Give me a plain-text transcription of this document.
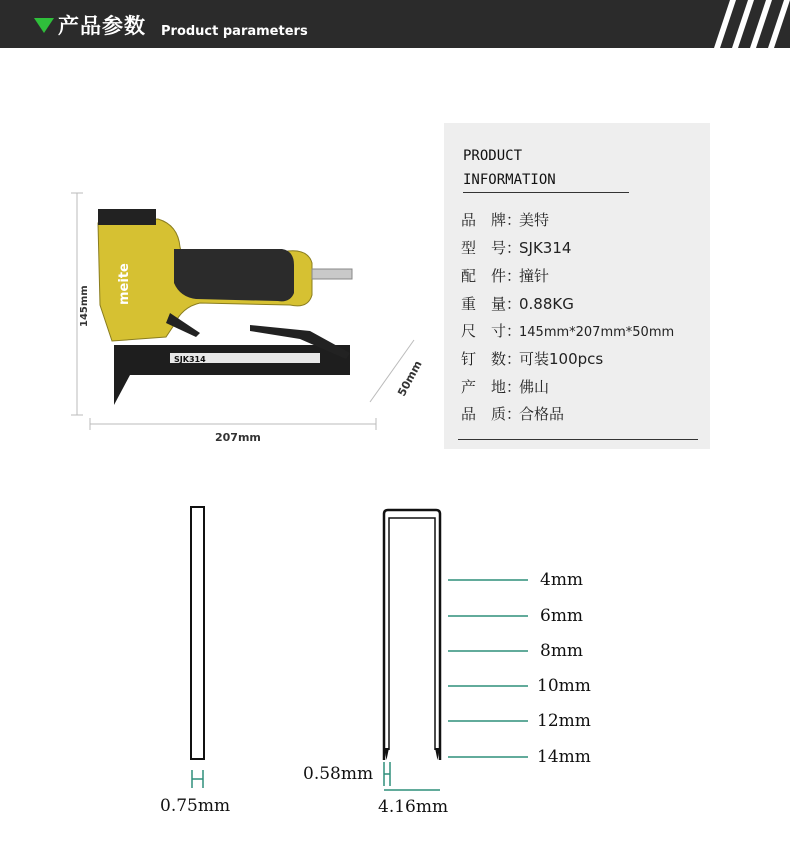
产品参数 Product parameters
145mm
207mm
50mm
meite
SJK314
PRODUCT
INFORMATION
品　牌：美特
型　号：SJK314
配　件：撞针
重　量：0.88KG
尺　寸：145mm*207mm*50mm
钉　数：可装100pcs
产　地：佛山
品　质：合格品
0.75mm
0.58mm
4.16mm
4mm
6mm
8mm
10mm
12mm
14mm
